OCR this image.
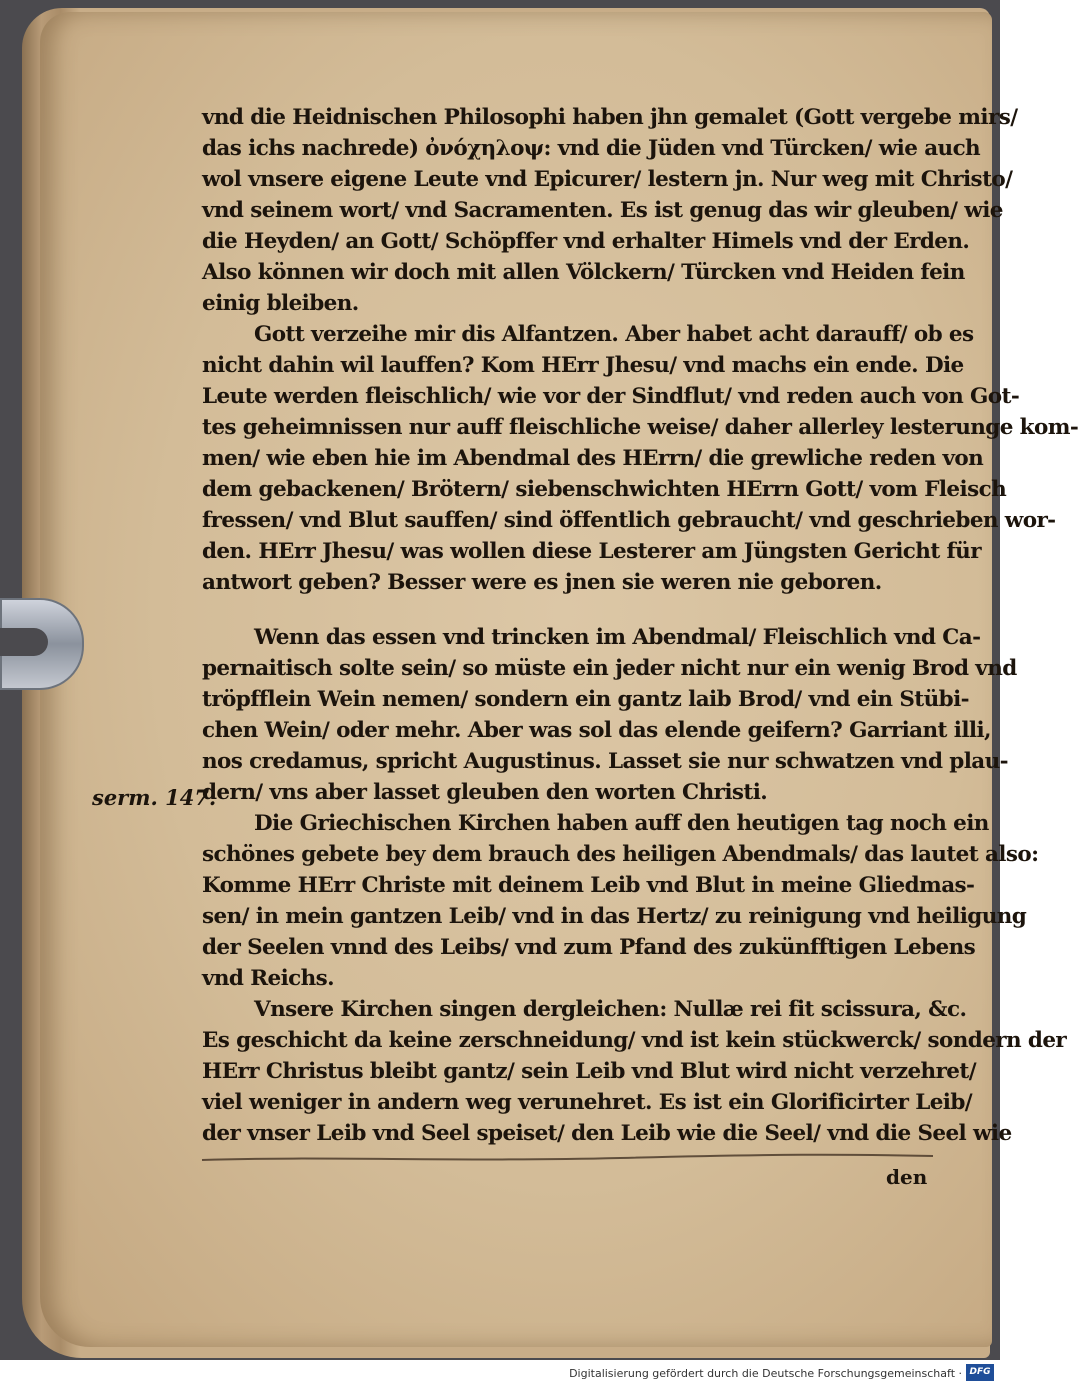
vnd die Heidnischen Philosophi haben jhn gemalet (Gott vergebe mirs/
das ichs nachrede) ὀνόχηλοψ: vnd die Jüden vnd Türcken/ wie auch
wol vnsere eigene Leute vnd Epicurer/ lestern jn. Nur weg mit Christo/
vnd seinem wort/ vnd Sacramenten. Es ist genug das wir gleuben/ wie
die Heyden/ an Gott/ Schöpffer vnd erhalter Himels vnd der Erden.
Also können wir doch mit allen Völckern/ Türcken vnd Heiden fein
einig bleiben.
Gott verzeihe mir dis Alfantzen. Aber habet acht darauff/ ob es
nicht dahin wil lauffen? Kom HErr Jhesu/ vnd machs ein ende. Die
Leute werden fleischlich/ wie vor der Sindflut/ vnd reden auch von Got-
tes geheimnissen nur auff fleischliche weise/ daher allerley lesterunge kom-
men/ wie eben hie im Abendmal des HErrn/ die grewliche reden von
dem gebackenen/ Brötern/ siebenschwichten HErrn Gott/ vom Fleisch
fressen/ vnd Blut sauffen/ sind öffentlich gebraucht/ vnd geschrieben wor-
den. HErr Jhesu/ was wollen diese Lesterer am Jüngsten Gericht für
antwort geben? Besser were es jnen sie weren nie geboren.
Wenn das essen vnd trincken im Abendmal/ Fleischlich vnd Ca-
pernaitisch solte sein/ so müste ein jeder nicht nur ein wenig Brod vnd
tröpfflein Wein nemen/ sondern ein gantz laib Brod/ vnd ein Stübi-
chen Wein/ oder mehr. Aber was sol das elende geifern? Garriant illi,
nos credamus, spricht Augustinus. Lasset sie nur schwatzen vnd plau-
dern/ vns aber lasset gleuben den worten Christi.
Die Griechischen Kirchen haben auff den heutigen tag noch ein
schönes gebete bey dem brauch des heiligen Abendmals/ das lautet also:
Komme HErr Christe mit deinem Leib vnd Blut in meine Gliedmas-
sen/ in mein gantzen Leib/ vnd in das Hertz/ zu reinigung vnd heiligung
der Seelen vnnd des Leibs/ vnd zum Pfand des zukünfftigen Lebens
vnd Reichs.
Vnsere Kirchen singen dergleichen: Nullæ rei fit scissura, &c.
Es geschicht da keine zerschneidung/ vnd ist kein stückwerck/ sondern der
HErr Christus bleibt gantz/ sein Leib vnd Blut wird nicht verzehret/
viel weniger in andern weg verunehret. Es ist ein Glorificirter Leib/
der vnser Leib vnd Seel speiset/ den Leib wie die Seel/ vnd die Seel wie
serm. 147.
den
Digitalisierung gefördert durch die Deutsche Forschungsgemeinschaft · DFG
